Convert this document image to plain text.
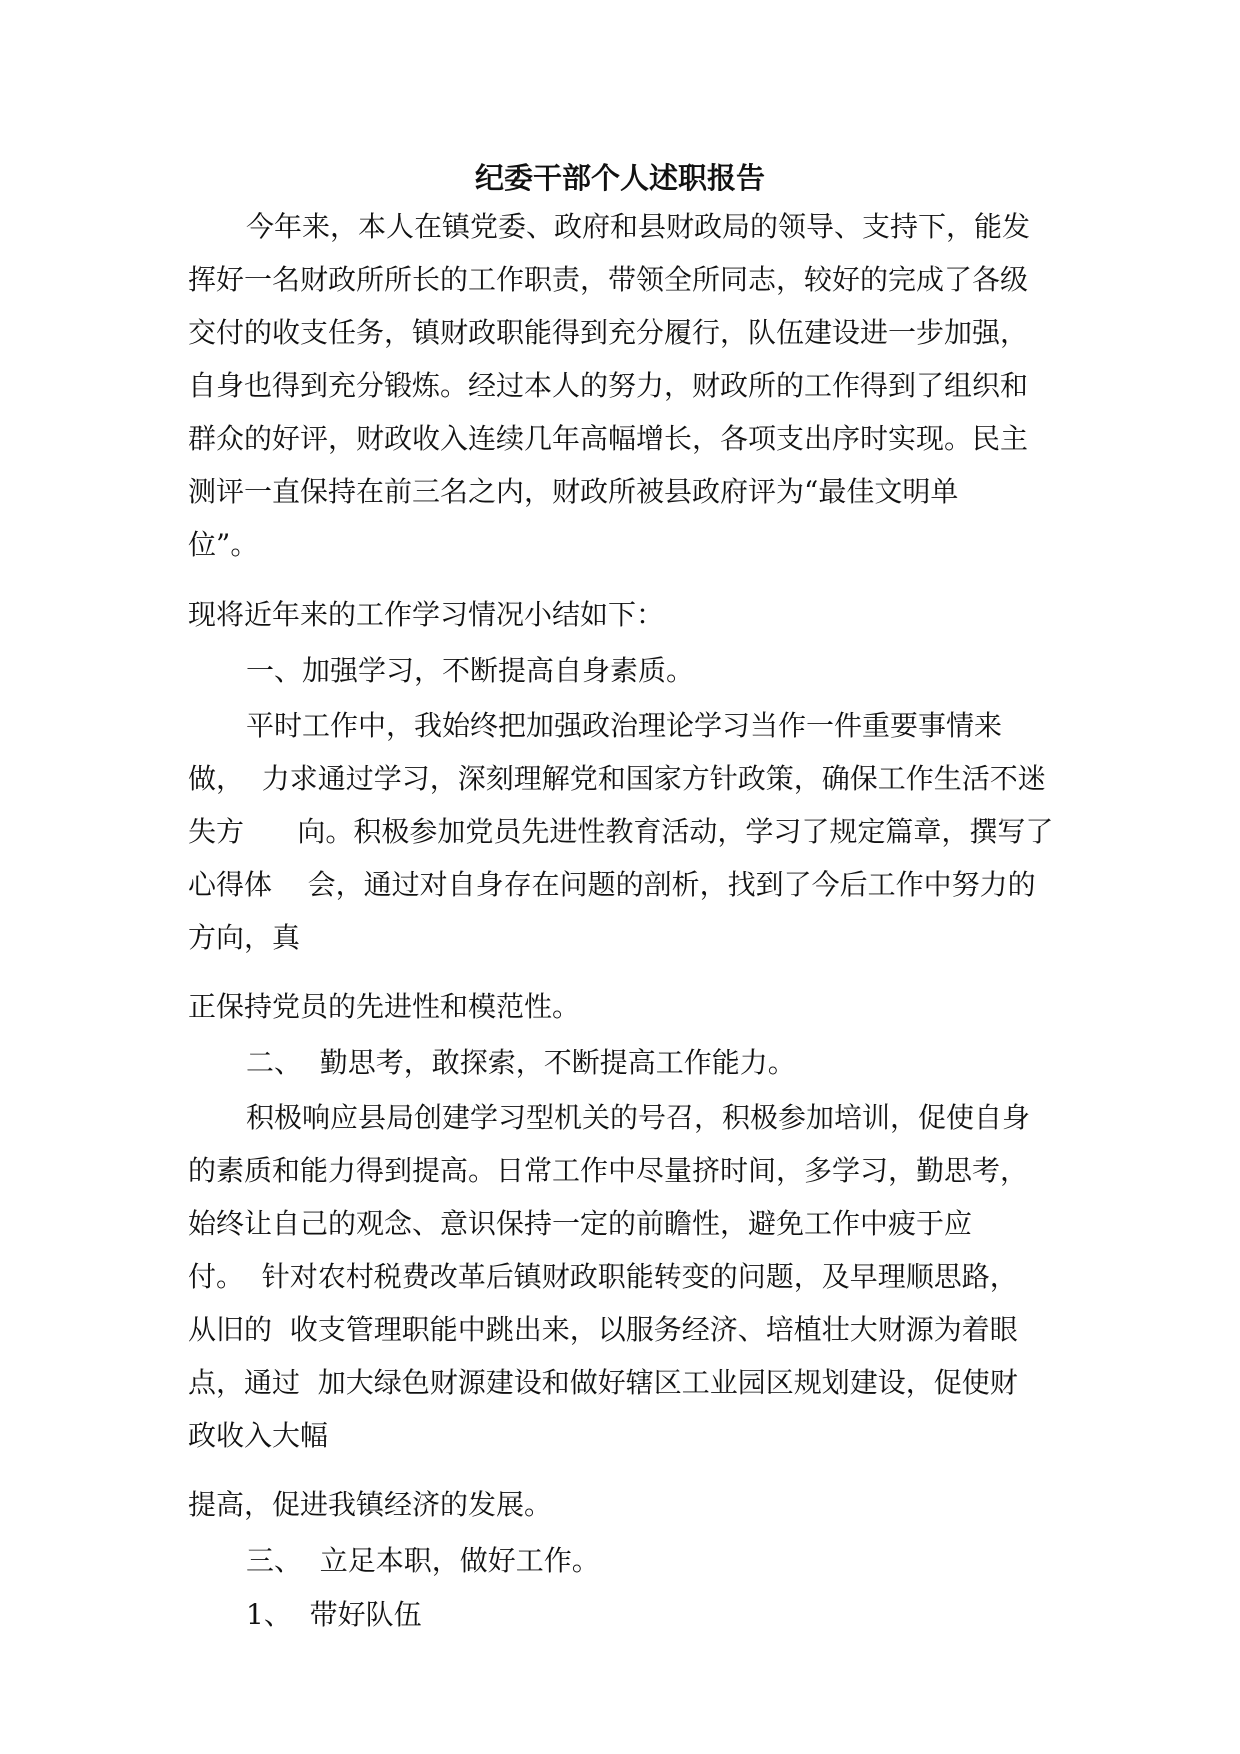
纪委干部个人述职报告

今年来，本人在镇党委、政府和县财政局的领导、支持下，能发

挥好一名财政所所长的工作职责，带领全所同志，较好的完成了各级

交付的收支任务，镇财政职能得到充分履行，队伍建设进一步加强，

自身也得到充分锻炼。经过本人的努力，财政所的工作得到了组织和

群众的好评，财政收入连续几年高幅增长，各项支出序时实现。民主

测评一直保持在前三名之内，财政所被县政府评为“最佳文明单

位”。

现将近年来的工作学习情况小结如下：

一、加强学习，不断提高自身素质。

平时工作中，我始终把加强政治理论学习当作一件重要事情来

做，  力求通过学习，深刻理解党和国家方针政策，确保工作生活不迷

失方      向。积极参加党员先进性教育活动，学习了规定篇章，撰写了

心得体    会，通过对自身存在问题的剖析，找到了今后工作中努力的

方向，真

正保持党员的先进性和模范性。

二、  勤思考，敢探索，不断提高工作能力。

积极响应县局创建学习型机关的号召，积极参加培训，促使自身

的素质和能力得到提高。日常工作中尽量挤时间，多学习，勤思考，

始终让自己的观念、意识保持一定的前瞻性，避免工作中疲于应

付。  针对农村税费改革后镇财政职能转变的问题，及早理顺思路，

从旧的  收支管理职能中跳出来，以服务经济、培植壮大财源为着眼

点，通过  加大绿色财源建设和做好辖区工业园区规划建设，促使财

政收入大幅

提高，促进我镇经济的发展。

三、  立足本职，做好工作。

1、  带好队伍
